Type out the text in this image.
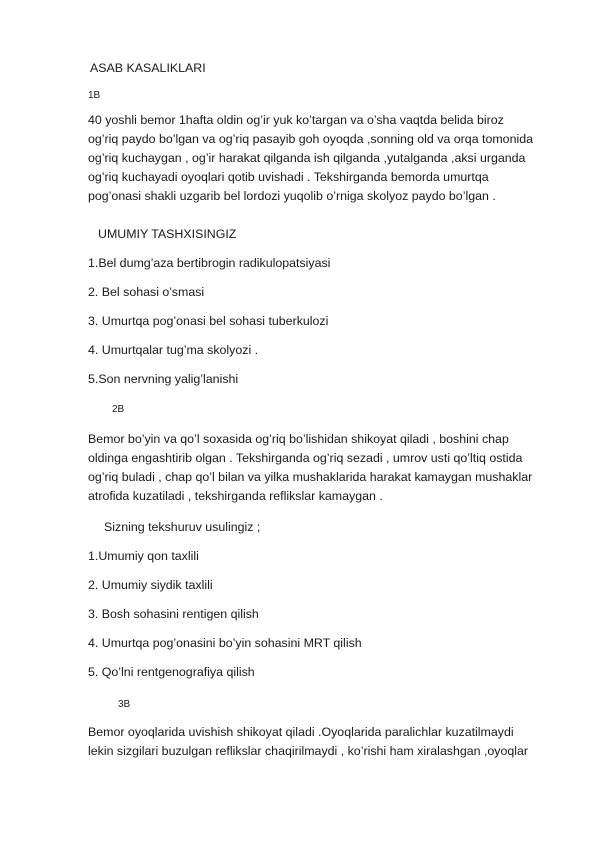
ASAB KASALIKLARI
1B
40 yoshli bemor 1hafta oldin og’ir yuk ko’targan va o’sha vaqtda belida biroz
og’riq paydo bo’lgan va og’riq pasayib goh oyoqda ,sonning old va orqa tomonida
og’riq kuchaygan , og’ir harakat qilganda ish qilganda ,yutalganda ,aksi urganda
og’riq kuchayadi oyoqlari qotib uvishadi . Tekshirganda bemorda umurtqa
pog’onasi shakli uzgarib bel lordozi yuqolib o’rniga skolyoz paydo bo’lgan .
UMUMIY TASHXISINGIZ
1.Bel dumg’aza bertibrogin radikulopatsiyasi
2. Bel sohasi o’smasi
3. Umurtqa pog’onasi bel sohasi tuberkulozi
4. Umurtqalar tug’ma skolyozi .
5.Son nervning yalig’lanishi
2B
Bemor bo’yin va qo’l soxasida og’riq bo’lishidan shikoyat qiladi , boshini chap
oldinga engashtirib olgan . Tekshirganda og’riq sezadi , umrov usti qo’ltiq ostida
og’riq buladi , chap qo’l bilan va yilka mushaklarida harakat kamaygan mushaklar
atrofida kuzatiladi , tekshirganda reflikslar kamaygan .
Sizning tekshuruv usulingiz ;
1.Umumiy qon taxlili
2. Umumiy siydik taxlili
3. Bosh sohasini rentigen qilish
4. Umurtqa pog’onasini bo’yin sohasini MRT qilish
5. Qo’lni rentgenografiya qilish
3B
Bemor oyoqlarida uvishish shikoyat qiladi .Oyoqlarida paralichlar kuzatilmaydi
lekin sizgilari buzulgan reflikslar chaqirilmaydi , ko’rishi ham xiralashgan ,oyoqlar
